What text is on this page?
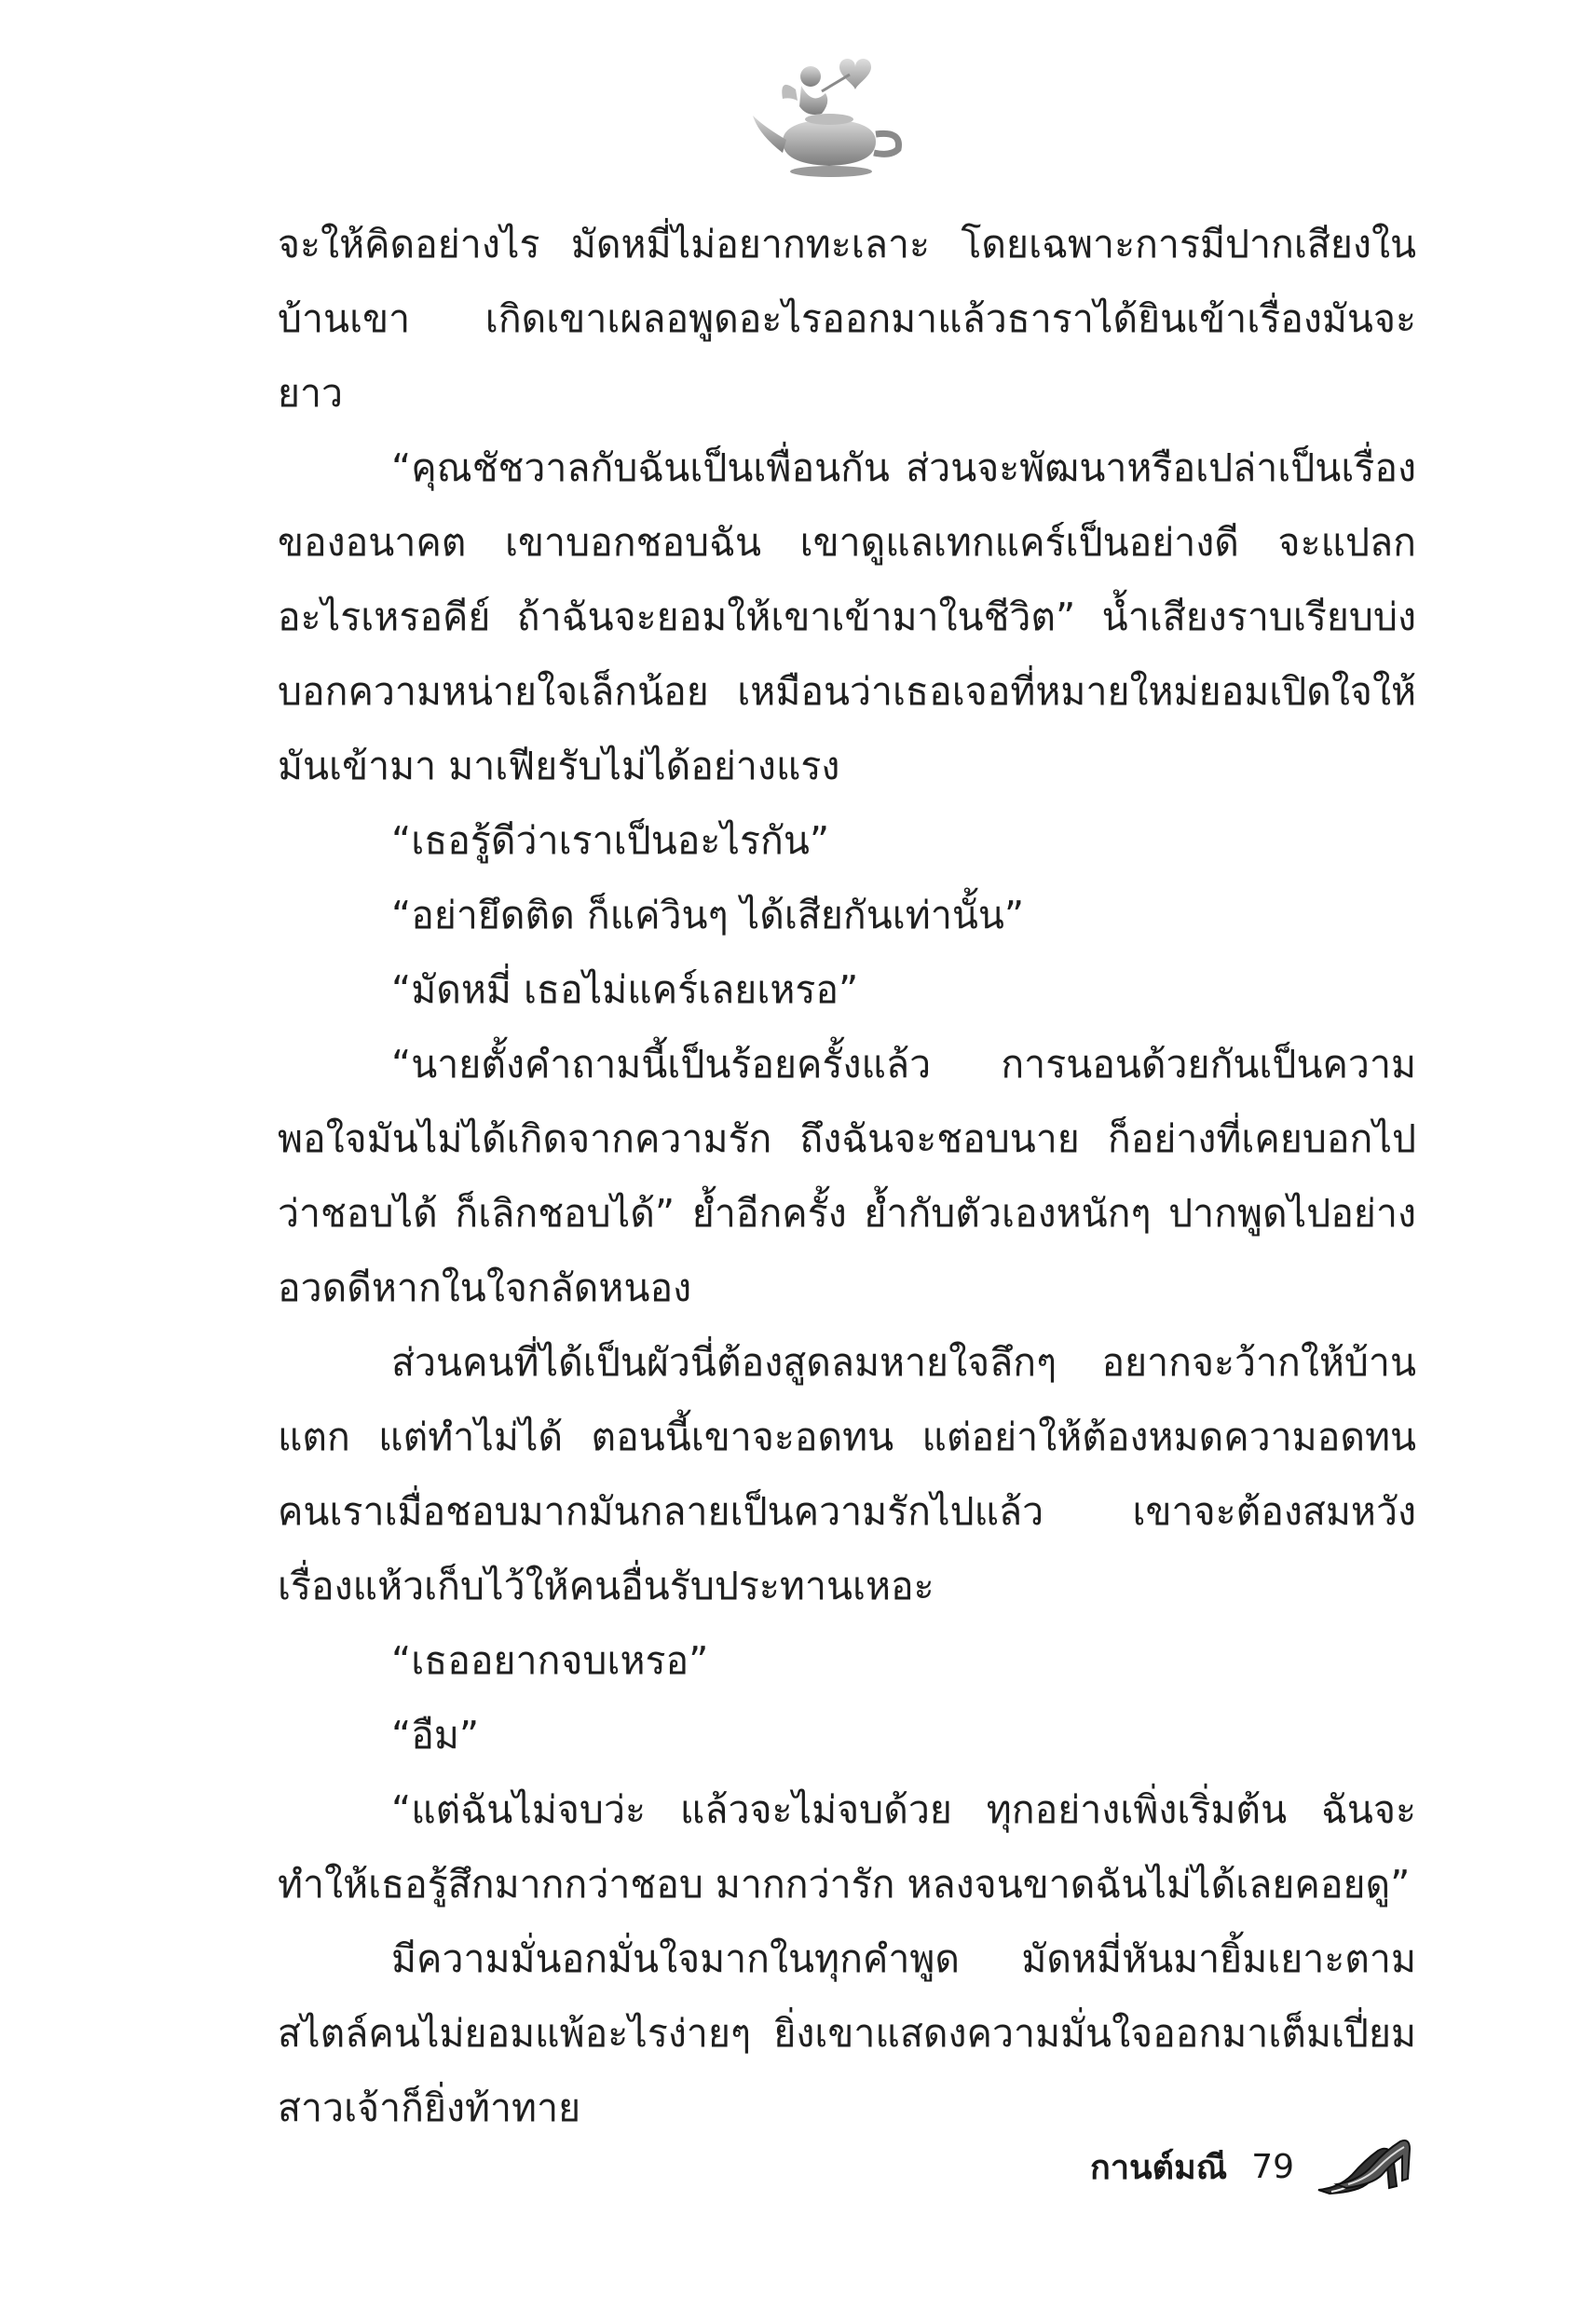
จะให้คิดอย่างไร มัดหมี่ไม่อยากทะเลาะ โดยเฉพาะการมีปากเสียงในบ้านเขา เกิดเขาเผลอพูดอะไรออกมาแล้วธาราได้ยินเข้าเรื่องมันจะยาว

“คุณชัชวาลกับฉันเป็นเพื่อนกัน ส่วนจะพัฒนาหรือเปล่าเป็นเรื่องของอนาคต เขาบอกชอบฉัน เขาดูแลเทกแคร์เป็นอย่างดี จะแปลกอะไรเหรอคีย์ ถ้าฉันจะยอมให้เขาเข้ามาในชีวิต” น้ำเสียงราบเรียบบ่งบอกความหน่ายใจเล็กน้อย เหมือนว่าเธอเจอที่หมายใหม่ยอมเปิดใจให้มันเข้ามา มาเฟียรับไม่ได้อย่างแรง

“เธอรู้ดีว่าเราเป็นอะไรกัน”

“อย่ายึดติด ก็แค่วินๆ ได้เสียกันเท่านั้น”

“มัดหมี่ เธอไม่แคร์เลยเหรอ”

“นายตั้งคำถามนี้เป็นร้อยครั้งแล้ว การนอนด้วยกันเป็นความพอใจมันไม่ได้เกิดจากความรัก ถึงฉันจะชอบนาย ก็อย่างที่เคยบอกไปว่าชอบได้ ก็เลิกชอบได้” ย้ำอีกครั้ง ย้ำกับตัวเองหนักๆ ปากพูดไปอย่างอวดดีหากในใจกลัดหนอง

ส่วนคนที่ได้เป็นผัวนี่ต้องสูดลมหายใจลึกๆ อยากจะว้ากให้บ้านแตก แต่ทำไม่ได้ ตอนนี้เขาจะอดทน แต่อย่าให้ต้องหมดความอดทน คนเราเมื่อชอบมากมันกลายเป็นความรักไปแล้ว เขาจะต้องสมหวัง เรื่องแห้วเก็บไว้ให้คนอื่นรับประทานเหอะ

“เธออยากจบเหรอ”

“อืม”

“แต่ฉันไม่จบว่ะ แล้วจะไม่จบด้วย ทุกอย่างเพิ่งเริ่มต้น ฉันจะทำให้เธอรู้สึกมากกว่าชอบ มากกว่ารัก หลงจนขาดฉันไม่ได้เลยคอยดู”

มีความมั่นอกมั่นใจมากในทุกคำพูด มัดหมี่หันมายิ้มเยาะตามสไตล์คนไม่ยอมแพ้อะไรง่ายๆ ยิ่งเขาแสดงความมั่นใจออกมาเต็มเปี่ยม สาวเจ้าก็ยิ่งท้าทาย

กานต์มณี 79
